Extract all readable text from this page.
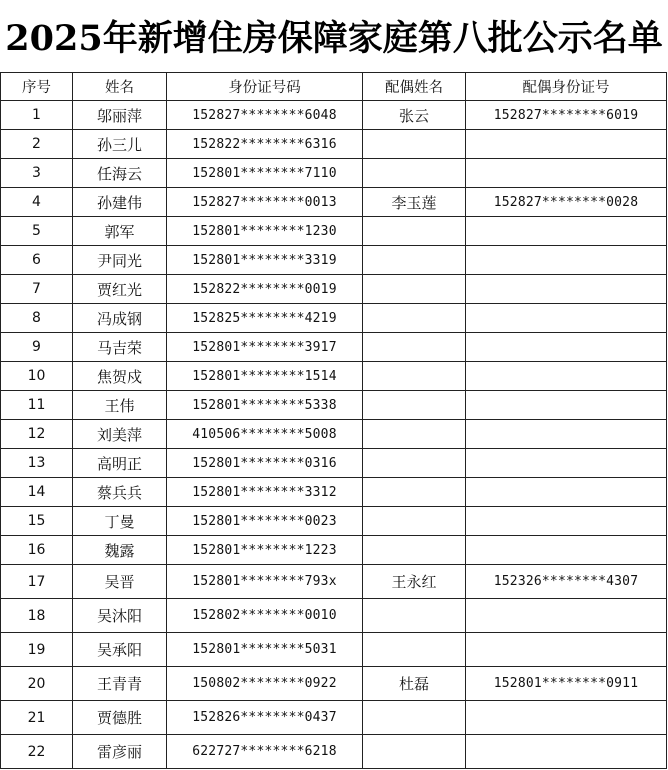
2025年新增住房保障家庭第八批公示名单
序号	姓名	身份证号码	配偶姓名	配偶身份证号
1	邬丽萍	152827********6048	张云	152827********6019
2	孙三儿	152822********6316		
3	任海云	152801********7110		
4	孙建伟	152827********0013	李玉莲	152827********0028
5	郭军	152801********1230		
6	尹同光	152801********3319		
7	贾红光	152822********0019		
8	冯成钢	152825********4219		
9	马吉荣	152801********3917		
10	焦贺戍	152801********1514		
11	王伟	152801********5338		
12	刘美萍	410506********5008		
13	高明正	152801********0316		
14	蔡兵兵	152801********3312		
15	丁曼	152801********0023		
16	魏露	152801********1223		
17	吴晋	152801********793x	王永红	152326********4307
18	吴沐阳	152802********0010		
19	吴承阳	152801********5031		
20	王青青	150802********0922	杜磊	152801********0911
21	贾德胜	152826********0437		
22	雷彦丽	622727********6218		
